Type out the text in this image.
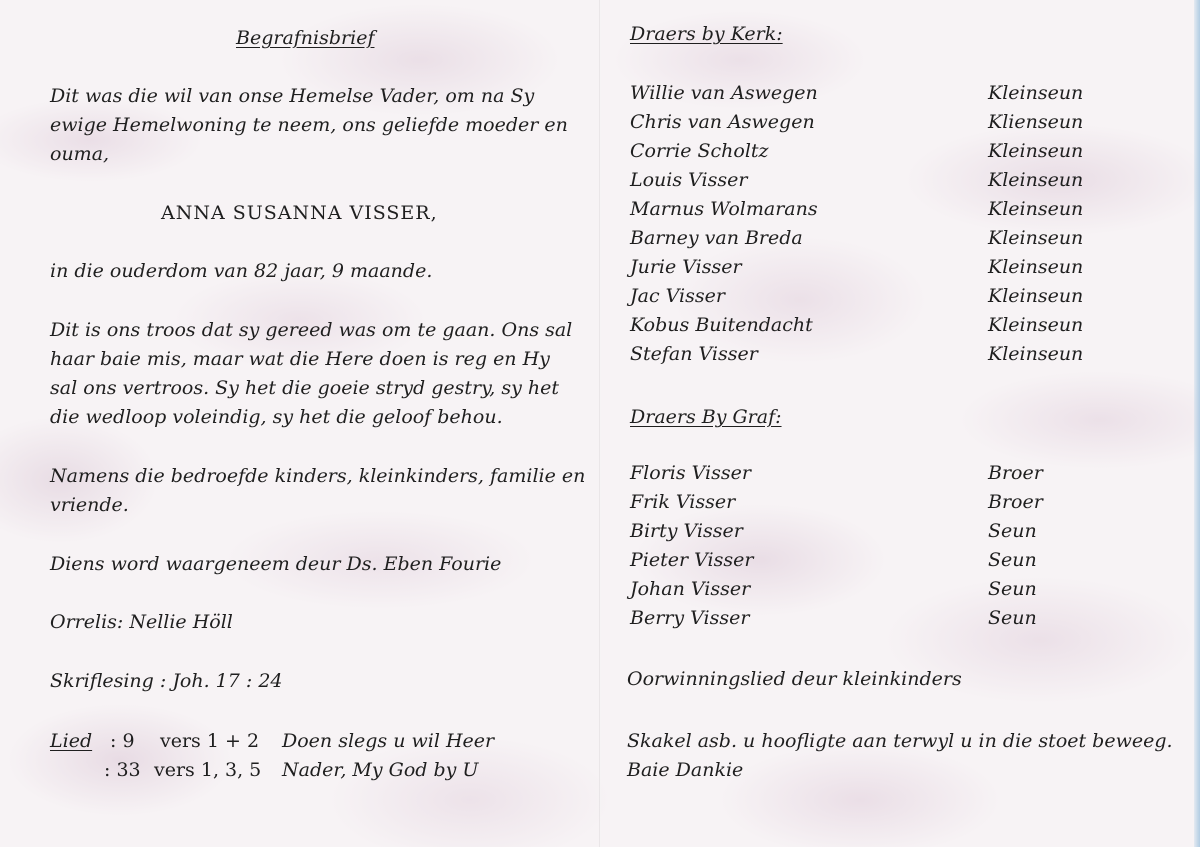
Begrafnisbrief
Dit was die wil van onse Hemelse Vader, om na Sy
ewige Hemelwoning te neem, ons geliefde moeder en
ouma,
ANNA SUSANNA VISSER,
in die ouderdom van 82 jaar, 9 maande.
Dit is ons troos dat sy gereed was om te gaan. Ons sal
haar baie mis, maar wat die Here doen is reg en Hy
sal ons vertroos. Sy het die goeie stryd gestry, sy het
die wedloop voleindig, sy het die geloof behou.
Namens die bedroefde kinders, kleinkinders, familie en
vriende.
Diens word waargeneem deur Ds. Eben Fourie
Orrelis: Nellie Höll
Skriflesing : Joh. 17 : 24
Lied : 9 vers 1 + 2 Doen slegs u wil Heer
: 33 vers 1, 3, 5 Nader, My God by U
Draers by Kerk:
Willie van Aswegen	Kleinseun
Chris van Aswegen	Klienseun
Corrie Scholtz	Kleinseun
Louis Visser	Kleinseun
Marnus Wolmarans	Kleinseun
Barney van Breda	Kleinseun
Jurie Visser	Kleinseun
Jac Visser	Kleinseun
Kobus Buitendacht	Kleinseun
Stefan Visser	Kleinseun
Draers By Graf:
Floris Visser	Broer
Frik Visser	Broer
Birty Visser	Seun
Pieter Visser	Seun
Johan Visser	Seun
Berry Visser	Seun
Oorwinningslied deur kleinkinders
Skakel asb. u hoofligte aan terwyl u in die stoet beweeg.
Baie Dankie
